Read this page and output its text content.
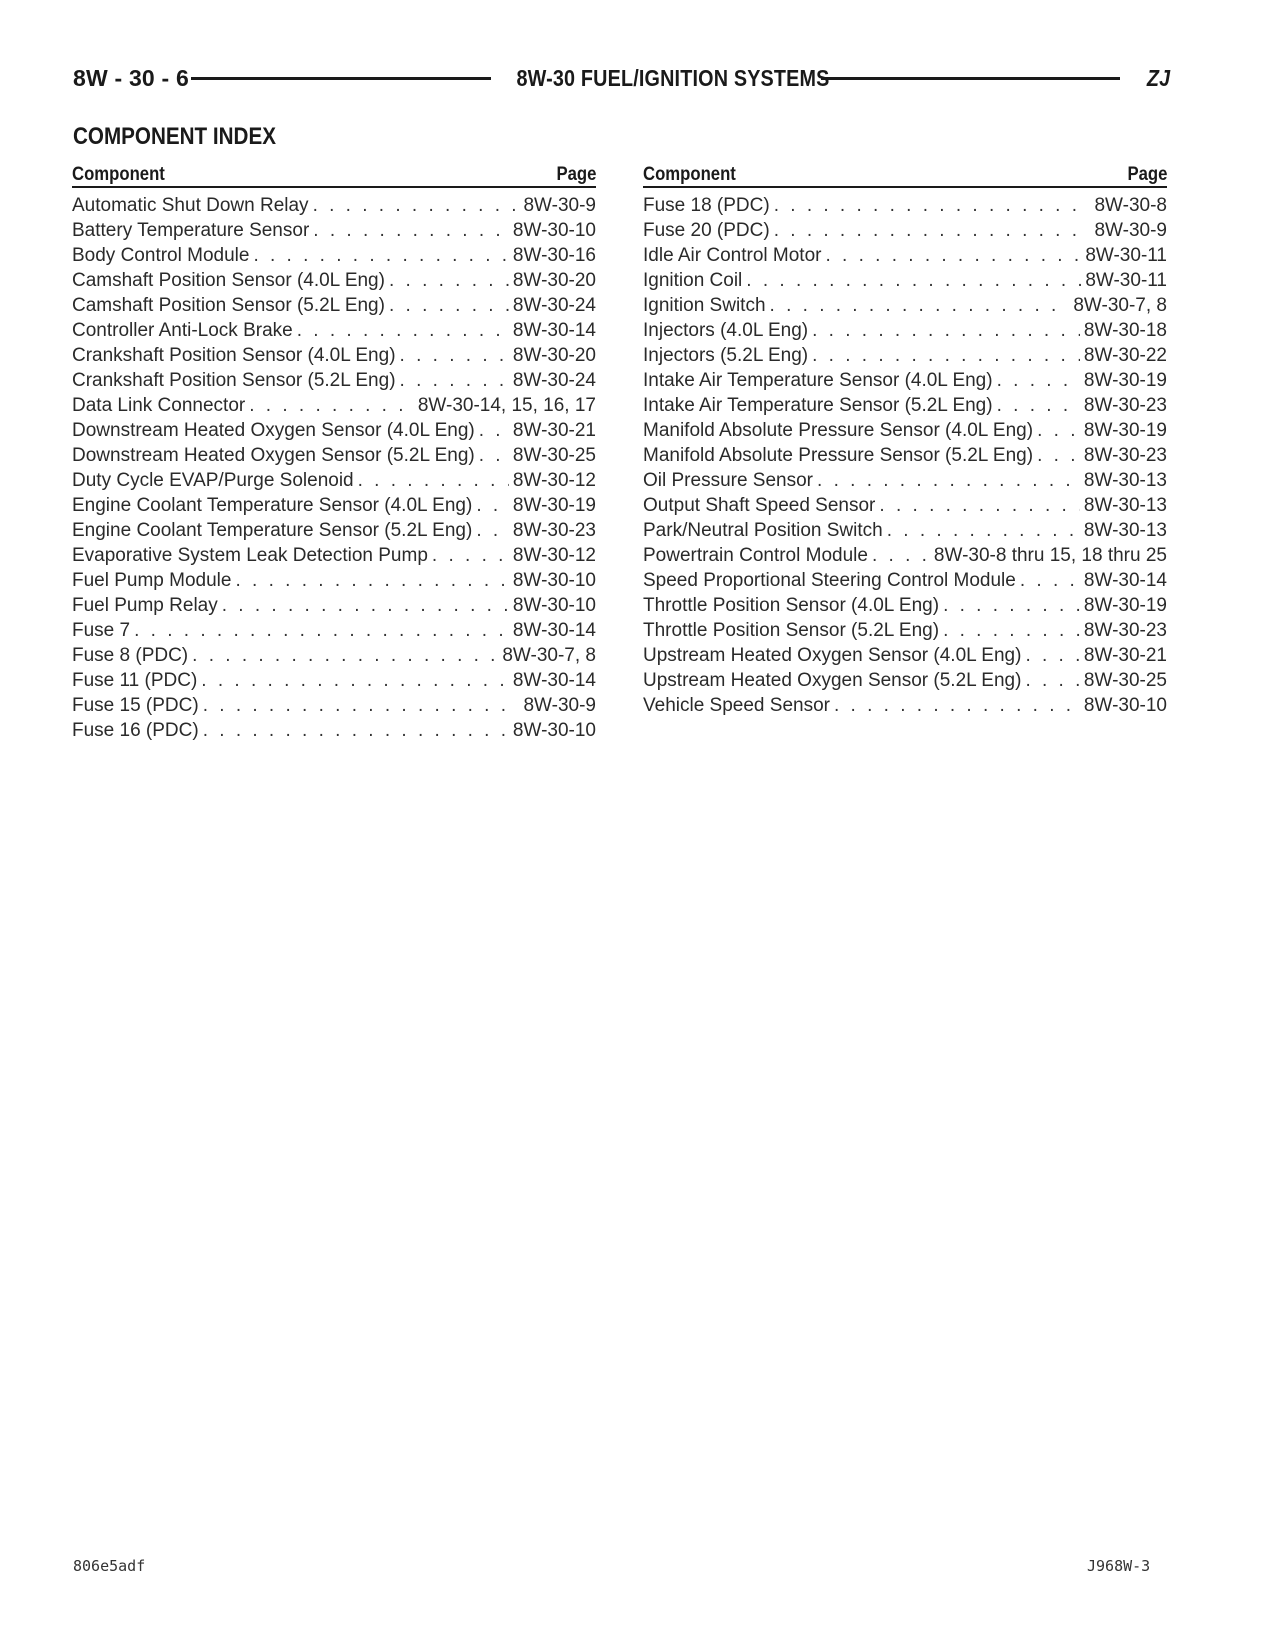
8W - 30 - 6	8W-30 FUEL/IGNITION SYSTEMS	ZJ
COMPONENT INDEX
Component	Page
Automatic Shut Down Relay . . .	8W-30-9
Battery Temperature Sensor . . .	8W-30-10
Body Control Module . . .	8W-30-16
Camshaft Position Sensor (4.0L Eng) . . .	8W-30-20
Camshaft Position Sensor (5.2L Eng) . . .	8W-30-24
Controller Anti-Lock Brake . . .	8W-30-14
Crankshaft Position Sensor (4.0L Eng) . . .	8W-30-20
Crankshaft Position Sensor (5.2L Eng) . . .	8W-30-24
Data Link Connector . . .	8W-30-14, 15, 16, 17
Downstream Heated Oxygen Sensor (4.0L Eng) . . . 8W-30-21
Downstream Heated Oxygen Sensor (5.2L Eng) . . . 8W-30-25
Duty Cycle EVAP/Purge Solenoid . . .	8W-30-12
Engine Coolant Temperature Sensor (4.0L Eng) . . . 8W-30-19
Engine Coolant Temperature Sensor (5.2L Eng) . . . 8W-30-23
Evaporative System Leak Detection Pump . . .	8W-30-12
Fuel Pump Module . . .	8W-30-10
Fuel Pump Relay . . .	8W-30-10
Fuse 7 . . .	8W-30-14
Fuse 8 (PDC) . . .	8W-30-7, 8
Fuse 11 (PDC) . . .	8W-30-14
Fuse 15 (PDC) . . .	8W-30-9
Fuse 16 (PDC) . . .	8W-30-10
Component	Page
Fuse 18 (PDC) . . .	8W-30-8
Fuse 20 (PDC) . . .	8W-30-9
Idle Air Control Motor . . .	8W-30-11
Ignition Coil . . .	8W-30-11
Ignition Switch . . .	8W-30-7, 8
Injectors (4.0L Eng) . . .	8W-30-18
Injectors (5.2L Eng) . . .	8W-30-22
Intake Air Temperature Sensor (4.0L Eng) . . .	8W-30-19
Intake Air Temperature Sensor (5.2L Eng) . . .	8W-30-23
Manifold Absolute Pressure Sensor (4.0L Eng) . . .	8W-30-19
Manifold Absolute Pressure Sensor (5.2L Eng) . . .	8W-30-23
Oil Pressure Sensor . . .	8W-30-13
Output Shaft Speed Sensor . . .	8W-30-13
Park/Neutral Position Switch . . .	8W-30-13
Powertrain Control Module . . .	8W-30-8 thru 15, 18 thru 25
Speed Proportional Steering Control Module . . .	8W-30-14
Throttle Position Sensor (4.0L Eng) . . .	8W-30-19
Throttle Position Sensor (5.2L Eng) . . .	8W-30-23
Upstream Heated Oxygen Sensor (4.0L Eng) . . .	8W-30-21
Upstream Heated Oxygen Sensor (5.2L Eng) . . .	8W-30-25
Vehicle Speed Sensor . . .	8W-30-10
806e5adf	J968W-3
